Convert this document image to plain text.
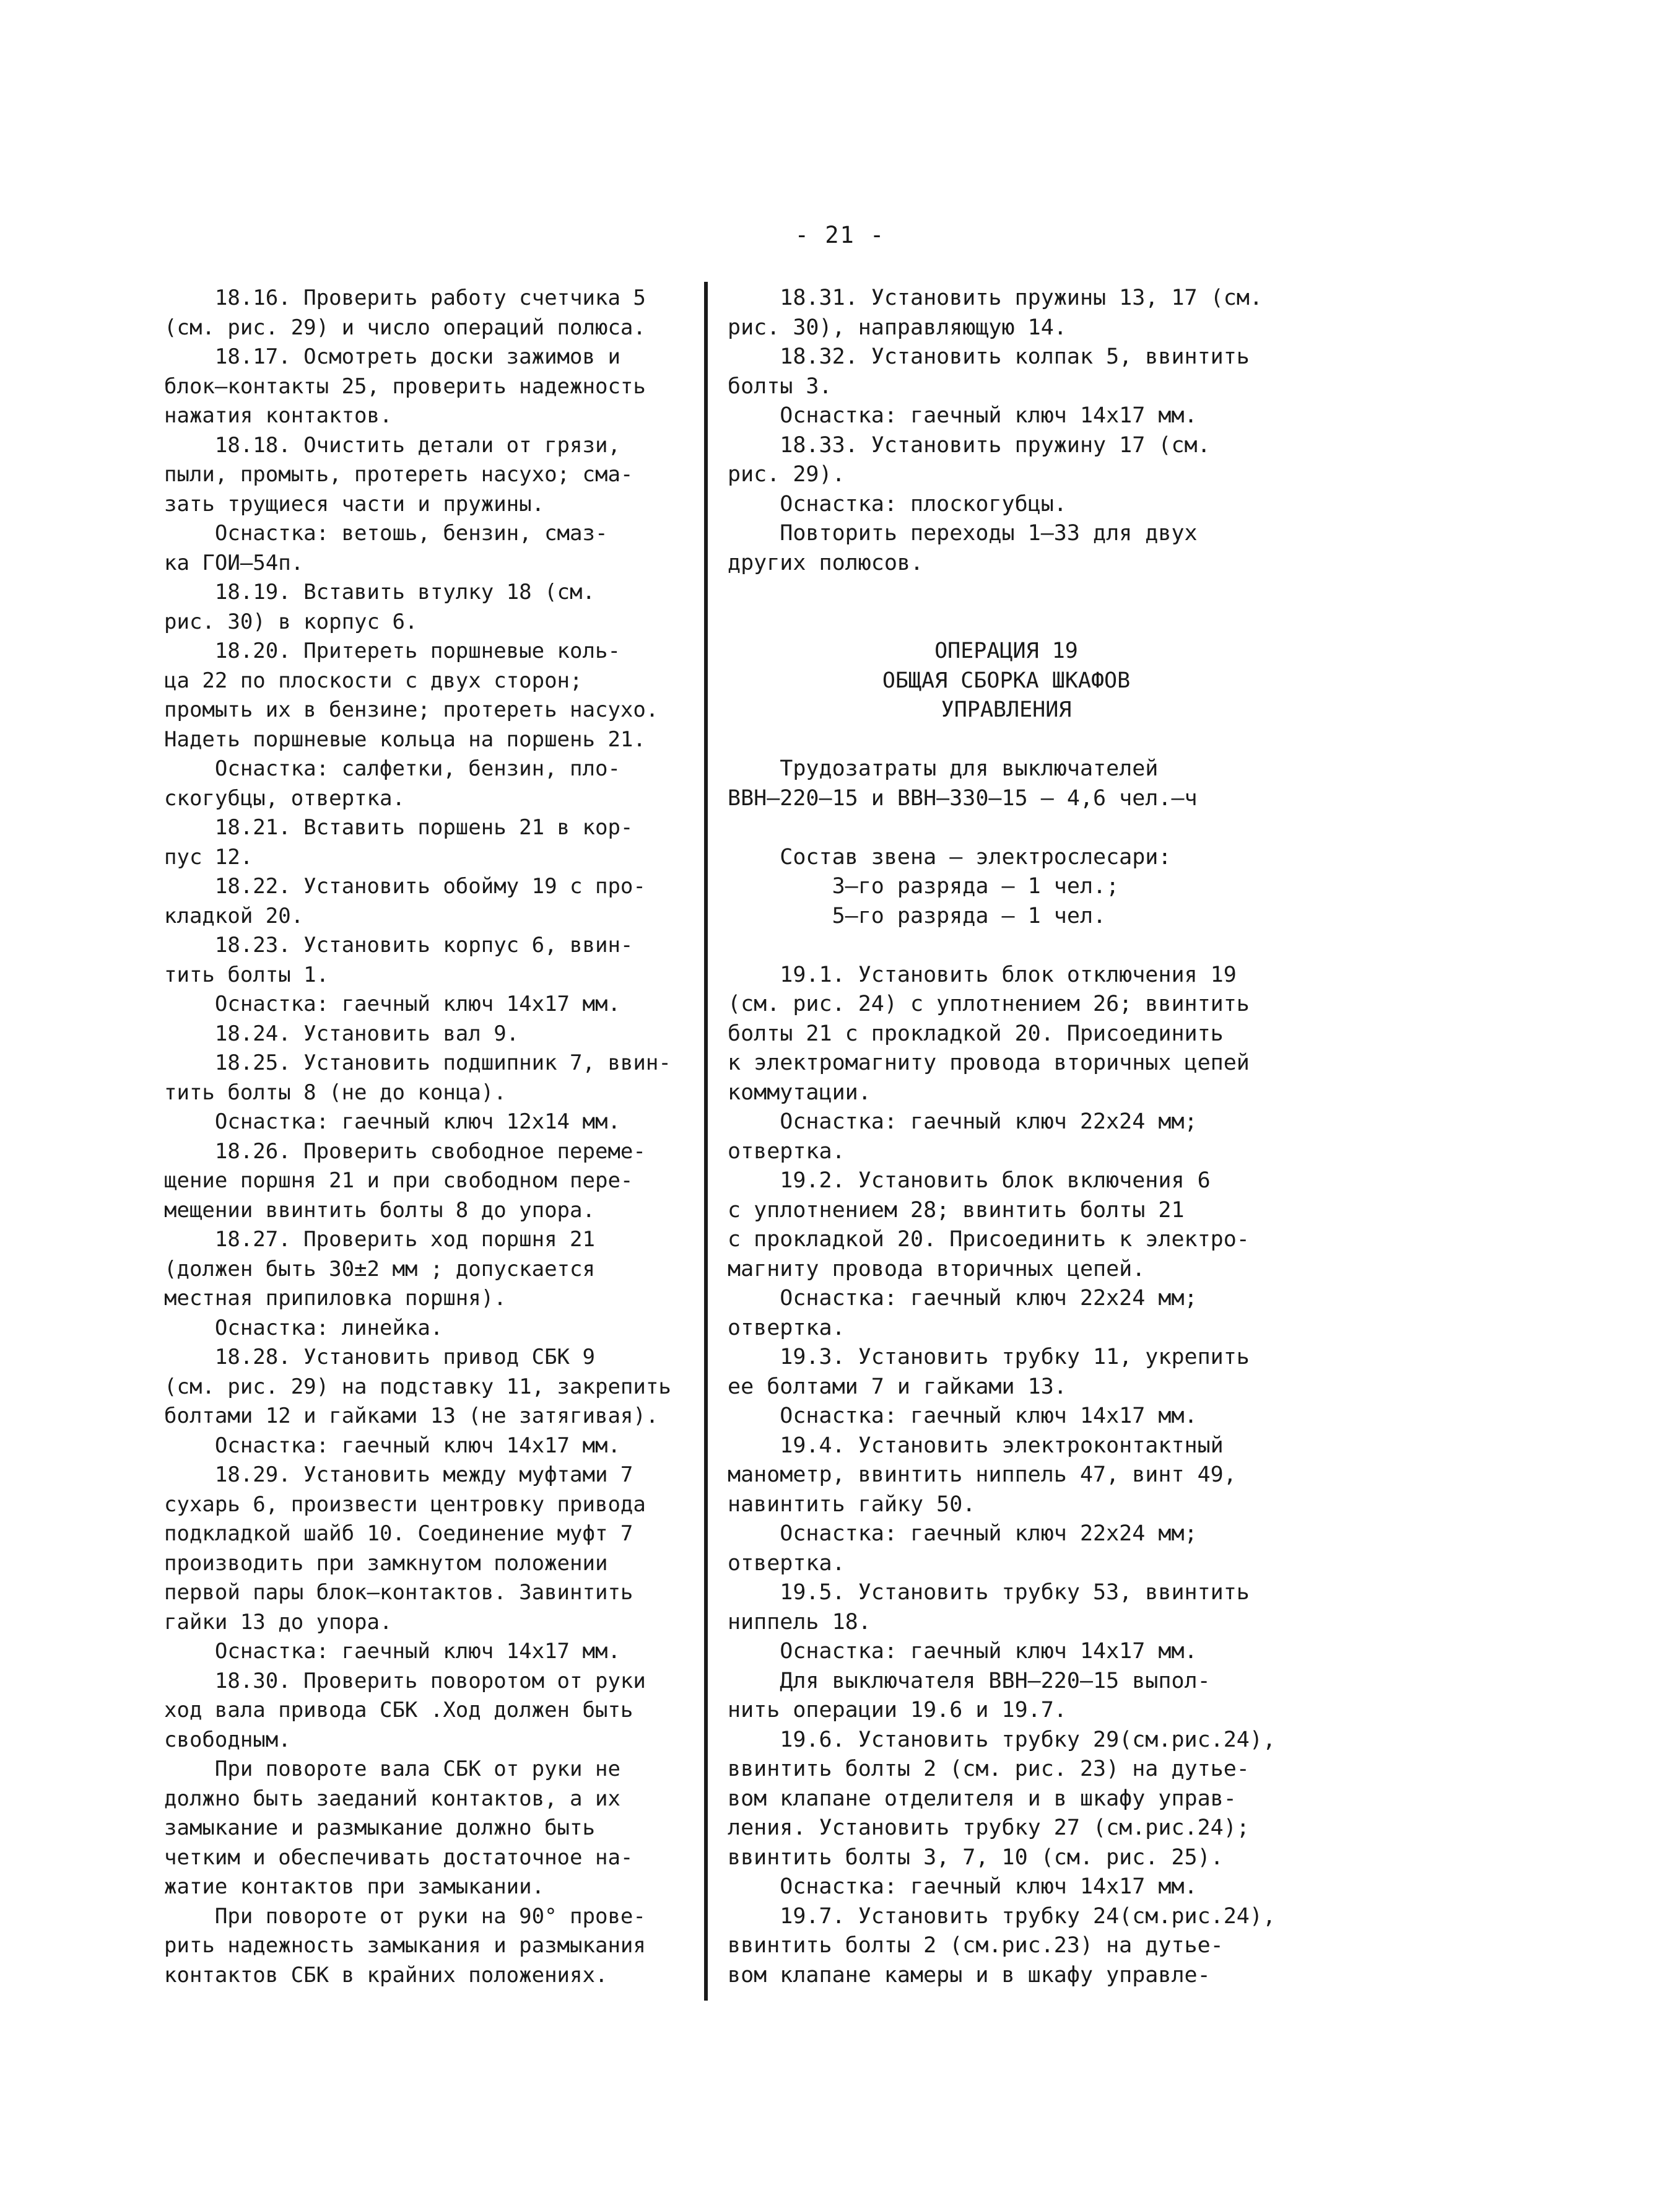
- 21 -
18.16. Проверить работу счетчика 5
(см. рис. 29) и число операций полюса.
18.17. Осмотреть доски зажимов и
блок–контакты 25, проверить надежность
нажатия контактов.
18.18. Очистить детали от грязи,
пыли, промыть, протереть насухо; сма-
зать трущиеся части и пружины.
Оснастка: ветошь, бензин, смаз-
ка ГОИ–54п.
18.19. Вставить втулку 18 (см.
рис. 30) в корпус 6.
18.20. Притереть поршневые коль-
ца 22 по плоскости с двух сторон;
промыть их в бензине; протереть насухо.
Надеть поршневые кольца на поршень 21.
Оснастка: салфетки, бензин, пло-
скогубцы, отвертка.
18.21. Вставить поршень 21 в кор-
пус 12.
18.22. Установить обойму 19 с про-
кладкой 20.
18.23. Установить корпус 6, ввин-
тить болты 1.
Оснастка: гаечный ключ 14x17 мм.
18.24. Установить вал 9.
18.25. Установить подшипник 7, ввин-
тить болты 8 (не до конца).
Оснастка: гаечный ключ 12x14 мм.
18.26. Проверить свободное переме-
щение поршня 21 и при свободном пере-
мещении ввинтить болты 8 до упора.
18.27. Проверить ход поршня 21
(должен быть 30±2 мм ; допускается
местная припиловка поршня).
Оснастка: линейка.
18.28. Установить привод СБК 9
(см. рис. 29) на подставку 11, закрепить
болтами 12 и гайками 13 (не затягивая).
Оснастка: гаечный ключ 14x17 мм.
18.29. Установить между муфтами 7
сухарь 6, произвести центровку привода
подкладкой шайб 10. Соединение муфт 7
производить при замкнутом положении
первой пары блок–контактов. Завинтить
гайки 13 до упора.
Оснастка: гаечный ключ 14x17 мм.
18.30. Проверить поворотом от руки
ход вала привода СБК .Ход должен быть
свободным.
При повороте вала СБК от руки не
должно быть заеданий контактов, а их
замыкание и размыкание должно быть
четким и обеспечивать достаточное на-
жатие контактов при замыкании.
При повороте от руки на 90° прове-
рить надежность замыкания и размыкания
контактов СБК в крайних положениях.
18.31. Установить пружины 13, 17 (см.
рис. 30), направляющую 14.
18.32. Установить колпак 5, ввинтить
болты 3.
Оснастка: гаечный ключ 14x17 мм.
18.33. Установить пружину 17 (см.
рис. 29).
Оснастка: плоскогубцы.
Повторить переходы 1–33 для двух
других полюсов.
ОПЕРАЦИЯ 19
ОБЩАЯ СБОРКА ШКАФОВ
УПРАВЛЕНИЯ
Трудозатраты для выключателей
ВВН–220–15 и ВВН–330–15 — 4,6 чел.–ч
Состав звена — электрослесари:
3–го разряда – 1 чел.;
5–го разряда – 1 чел.
19.1. Установить блок отключения 19
(см. рис. 24) с уплотнением 26; ввинтить
болты 21 с прокладкой 20. Присоединить
к электромагниту провода вторичных цепей
коммутации.
Оснастка: гаечный ключ 22x24 мм;
отвертка.
19.2. Установить блок включения 6
с уплотнением 28; ввинтить болты 21
с прокладкой 20. Присоединить к электро-
магниту провода вторичных цепей.
Оснастка: гаечный ключ 22x24 мм;
отвертка.
19.3. Установить трубку 11, укрепить
ее болтами 7 и гайками 13.
Оснастка: гаечный ключ 14x17 мм.
19.4. Установить электроконтактный
манометр, ввинтить ниппель 47, винт 49,
навинтить гайку 50.
Оснастка: гаечный ключ 22x24 мм;
отвертка.
19.5. Установить трубку 53, ввинтить
ниппель 18.
Оснастка: гаечный ключ 14x17 мм.
Для выключателя ВВН–220–15 выпол-
нить операции 19.6 и 19.7.
19.6. Установить трубку 29(см.рис.24),
ввинтить болты 2 (см. рис. 23) на дутье-
вом клапане отделителя и в шкафу управ-
ления. Установить трубку 27 (см.рис.24);
ввинтить болты 3, 7, 10 (см. рис. 25).
Оснастка: гаечный ключ 14x17 мм.
19.7. Установить трубку 24(см.рис.24),
ввинтить болты 2 (см.рис.23) на дутье-
вом клапане камеры и в шкафу управле-
